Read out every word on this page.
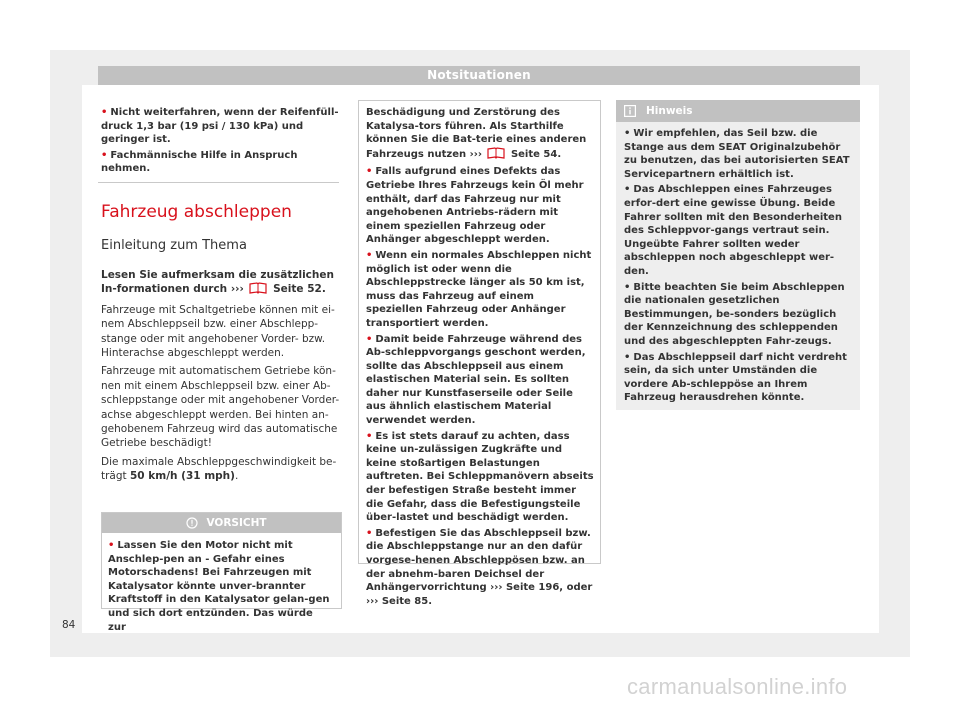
Notsituationen
• Nicht weiterfahren, wenn der Reifenfüll-druck 1,3 bar (19 psi / 130 kPa) und geringer ist.
• Fachmännische Hilfe in Anspruch nehmen.
Fahrzeug abschleppen
Einleitung zum Thema

Lesen Sie aufmerksam die zusätzlichen In-formationen durch ›››	Seite 52.

Fahrzeuge mit Schaltgetriebe können mit ei-nem Abschleppseil bzw. einer Abschlepp-stange oder mit angehobener Vorder- bzw. Hinterachse abgeschleppt werden.

Fahrzeuge mit automatischem Getriebe kön-nen mit einem Abschleppseil bzw. einer Ab-schleppstange oder mit angehobener Vorder-achse abgeschleppt werden. Bei hinten an-gehobenem Fahrzeug wird das automatische Getriebe beschädigt!

Die maximale Abschleppgeschwindigkeit be-trägt 50 km/h (31 mph).

VORSICHT
• Lassen Sie den Motor nicht mit Anschlep-pen an - Gefahr eines Motorschadens! Bei Fahrzeugen mit Katalysator könnte unver-brannter Kraftstoff in den Katalysator gelan-gen und sich dort entzünden. Das würde zur
Beschädigung und Zerstörung des Katalysa-tors führen. Als Starthilfe können Sie die Bat-terie eines anderen Fahrzeugs nutzen ›››	Seite 54.
• Falls aufgrund eines Defekts das Getriebe Ihres Fahrzeugs kein Öl mehr enthält, darf das Fahrzeug nur mit angehobenen Antriebs-rädern mit einem speziellen Fahrzeug oder Anhänger abgeschleppt werden.
• Wenn ein normales Abschleppen nicht möglich ist oder wenn die Abschleppstrecke länger als 50 km ist, muss das Fahrzeug auf einem speziellen Fahrzeug oder Anhänger transportiert werden.
• Damit beide Fahrzeuge während des Ab-schleppvorgangs geschont werden, sollte das Abschleppseil aus einem elastischen Material sein. Es sollten daher nur Kunstfaserseile oder Seile aus ähnlich elastischem Material verwendet werden.
• Es ist stets darauf zu achten, dass keine un-zulässigen Zugkräfte und keine stoßartigen Belastungen auftreten. Bei Schleppmanövern abseits der befestigen Straße besteht immer die Gefahr, dass die Befestigungsteile über-lastet und beschädigt werden.
• Befestigen Sie das Abschleppseil bzw. die Abschleppstange nur an den dafür vorgese-henen Abschleppösen bzw. an der abnehm-baren Deichsel der Anhängervorrichtung ››› Seite 196, oder ››› Seite 85.
Hinweis
• Wir empfehlen, das Seil bzw. die Stange aus dem SEAT Originalzubehör zu benutzen, das bei autorisierten SEAT Servicepartnern erhältlich ist.
• Das Abschleppen eines Fahrzeuges erfor-dert eine gewisse Übung. Beide Fahrer sollten mit den Besonderheiten des Schleppvor-gangs vertraut sein. Ungeübte Fahrer sollten weder abschleppen noch abgeschleppt wer-den.
• Bitte beachten Sie beim Abschleppen die nationalen gesetzlichen Bestimmungen, be-sonders bezüglich der Kennzeichnung des schleppenden und des abgeschleppten Fahr-zeugs.
• Das Abschleppseil darf nicht verdreht sein, da sich unter Umständen die vordere Ab-schleppöse an Ihrem Fahrzeug herausdrehen könnte.
84
carmanualsonline.info
